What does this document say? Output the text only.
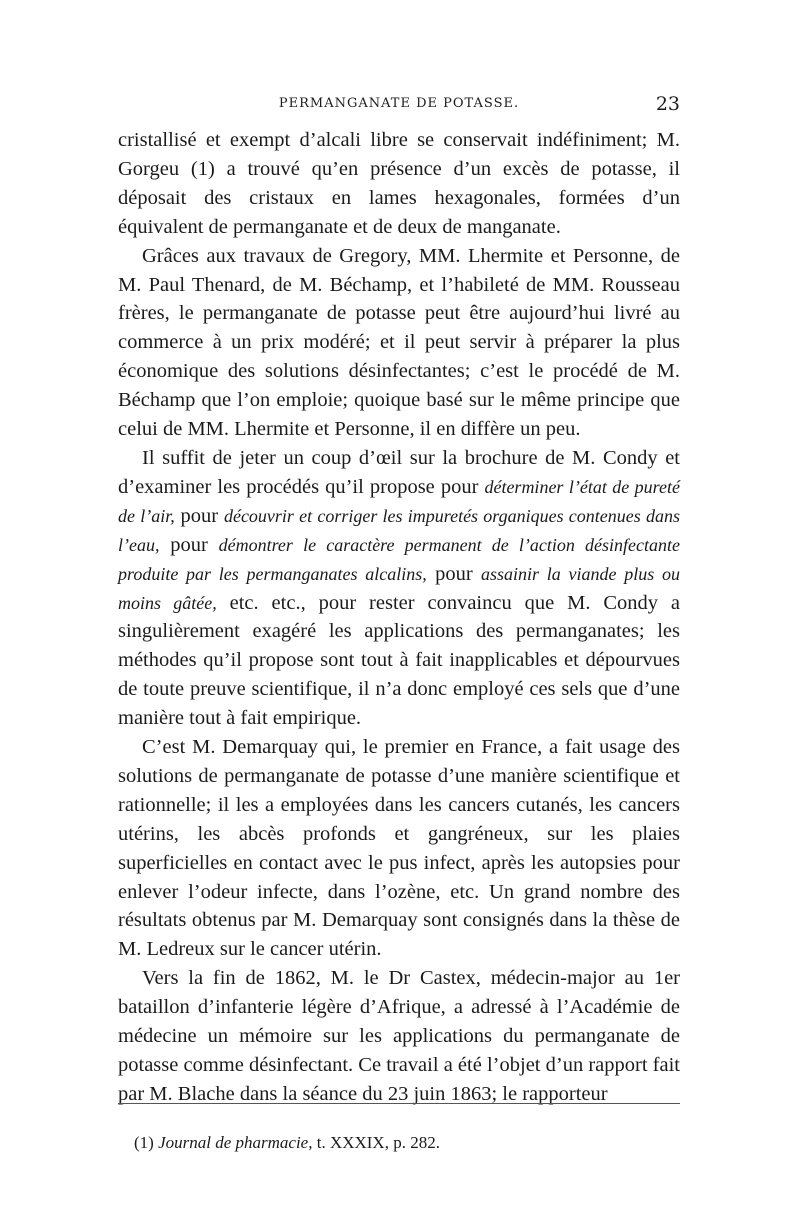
PERMANGANATE DE POTASSE.	23

cristallisé et exempt d’alcali libre se conservait indéfiniment; M. Gorgeu (1) a trouvé qu’en présence d’un excès de potasse, il déposait des cristaux en lames hexagonales, formées d’un équivalent de permanganate et de deux de manganate.

Grâces aux travaux de Gregory, MM. Lhermite et Personne, de M. Paul Thenard, de M. Béchamp, et l’habileté de MM. Rousseau frères, le permanganate de potasse peut être aujourd’hui livré au commerce à un prix modéré; et il peut servir à préparer la plus économique des solutions désinfectantes; c’est le procédé de M. Béchamp que l’on emploie; quoique basé sur le même principe que celui de MM. Lhermite et Personne, il en diffère un peu.

Il suffit de jeter un coup d’œil sur la brochure de M. Condy et d’examiner les procédés qu’il propose pour déterminer l’état de pureté de l’air, pour découvrir et corriger les impuretés organiques contenues dans l’eau, pour démontrer le caractère permanent de l’action désinfectante produite par les permanganates alcalins, pour assainir la viande plus ou moins gâtée, etc. etc., pour rester convaincu que M. Condy a singulièrement exagéré les applications des permanganates; les méthodes qu’il propose sont tout à fait inapplicables et dépourvues de toute preuve scientifique, il n’a donc employé ces sels que d’une manière tout à fait empirique.

C’est M. Demarquay qui, le premier en France, a fait usage des solutions de permanganate de potasse d’une manière scientifique et rationnelle; il les a employées dans les cancers cutanés, les cancers utérins, les abcès profonds et gangréneux, sur les plaies superficielles en contact avec le pus infect, après les autopsies pour enlever l’odeur infecte, dans l’ozène, etc. Un grand nombre des résultats obtenus par M. Demarquay sont consignés dans la thèse de M. Ledreux sur le cancer utérin.

Vers la fin de 1862, M. le Dr Castex, médecin-major au 1er bataillon d’infanterie légère d’Afrique, a adressé à l’Académie de médecine un mémoire sur les applications du permanganate de potasse comme désinfectant. Ce travail a été l’objet d’un rapport fait par M. Blache dans la séance du 23 juin 1863; le rapporteur

(1) Journal de pharmacie, t. XXXIX, p. 282.
